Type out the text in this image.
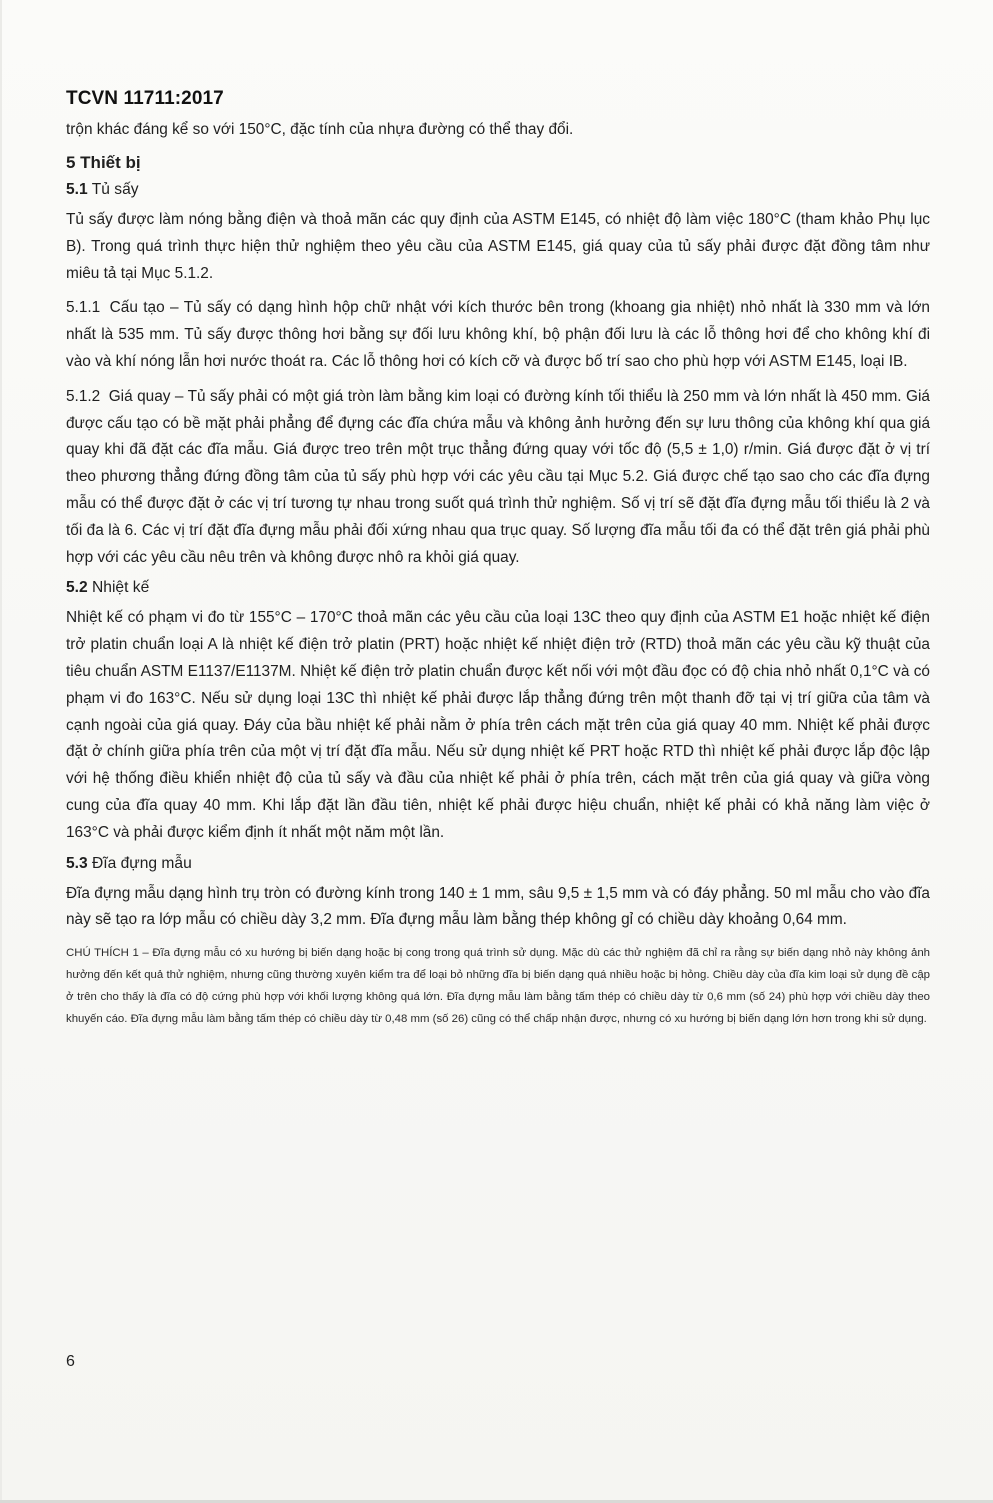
TCVN 11711:2017

trộn khác đáng kể so với 150°C, đặc tính của nhựa đường có thể thay đổi.

5 Thiết bị
5.1 Tủ sấy

Tủ sấy được làm nóng bằng điện và thoả mãn các quy định của ASTM E145, có nhiệt độ làm việc 180°C (tham khảo Phụ lục B). Trong quá trình thực hiện thử nghiệm theo yêu cầu của ASTM E145, giá quay của tủ sấy phải được đặt đồng tâm như miêu tả tại Mục 5.1.2.

5.1.1 Cấu tạo – Tủ sấy có dạng hình hộp chữ nhật với kích thước bên trong (khoang gia nhiệt) nhỏ nhất là 330 mm và lớn nhất là 535 mm. Tủ sấy được thông hơi bằng sự đối lưu không khí, bộ phận đối lưu là các lỗ thông hơi để cho không khí đi vào và khí nóng lẫn hơi nước thoát ra. Các lỗ thông hơi có kích cỡ và được bố trí sao cho phù hợp với ASTM E145, loại IB.

5.1.2 Giá quay – Tủ sấy phải có một giá tròn làm bằng kim loại có đường kính tối thiểu là 250 mm và lớn nhất là 450 mm. Giá được cấu tạo có bề mặt phải phẳng để đựng các đĩa chứa mẫu và không ảnh hưởng đến sự lưu thông của không khí qua giá quay khi đã đặt các đĩa mẫu. Giá được treo trên một trục thẳng đứng quay với tốc độ (5,5 ± 1,0) r/min. Giá được đặt ở vị trí theo phương thẳng đứng đồng tâm của tủ sấy phù hợp với các yêu cầu tại Mục 5.2. Giá được chế tạo sao cho các đĩa đựng mẫu có thể được đặt ở các vị trí tương tự nhau trong suốt quá trình thử nghiệm. Số vị trí sẽ đặt đĩa đựng mẫu tối thiểu là 2 và tối đa là 6. Các vị trí đặt đĩa đựng mẫu phải đối xứng nhau qua trục quay. Số lượng đĩa mẫu tối đa có thể đặt trên giá phải phù hợp với các yêu cầu nêu trên và không được nhô ra khỏi giá quay.

5.2 Nhiệt kế

Nhiệt kế có phạm vi đo từ 155°C – 170°C thoả mãn các yêu cầu của loại 13C theo quy định của ASTM E1 hoặc nhiệt kế điện trở platin chuẩn loại A là nhiệt kế điện trở platin (PRT) hoặc nhiệt kế nhiệt điện trở (RTD) thoả mãn các yêu cầu kỹ thuật của tiêu chuẩn ASTM E1137/E1137M. Nhiệt kế điện trở platin chuẩn được kết nối với một đầu đọc có độ chia nhỏ nhất 0,1°C và có phạm vi đo 163°C. Nếu sử dụng loại 13C thì nhiệt kế phải được lắp thẳng đứng trên một thanh đỡ tại vị trí giữa của tâm và cạnh ngoài của giá quay. Đáy của bầu nhiệt kế phải nằm ở phía trên cách mặt trên của giá quay 40 mm. Nhiệt kế phải được đặt ở chính giữa phía trên của một vị trí đặt đĩa mẫu. Nếu sử dụng nhiệt kế PRT hoặc RTD thì nhiệt kế phải được lắp độc lập với hệ thống điều khiển nhiệt độ của tủ sấy và đầu của nhiệt kế phải ở phía trên, cách mặt trên của giá quay và giữa vòng cung của đĩa quay 40 mm. Khi lắp đặt lần đầu tiên, nhiệt kế phải được hiệu chuẩn, nhiệt kế phải có khả năng làm việc ở 163°C và phải được kiểm định ít nhất một năm một lần.

5.3 Đĩa đựng mẫu

Đĩa đựng mẫu dạng hình trụ tròn có đường kính trong 140 ± 1 mm, sâu 9,5 ± 1,5 mm và có đáy phẳng. 50 ml mẫu cho vào đĩa này sẽ tạo ra lớp mẫu có chiều dày 3,2 mm. Đĩa đựng mẫu làm bằng thép không gỉ có chiều dày khoảng 0,64 mm.

CHÚ THÍCH 1 – Đĩa đựng mẫu có xu hướng bị biến dạng hoặc bị cong trong quá trình sử dụng. Mặc dù các thử nghiệm đã chỉ ra rằng sự biến dạng nhỏ này không ảnh hưởng đến kết quả thử nghiệm, nhưng cũng thường xuyên kiểm tra để loại bỏ những đĩa bị biến dạng quá nhiều hoặc bị hỏng. Chiều dày của đĩa kim loại sử dụng đề cập ở trên cho thấy là đĩa có độ cứng phù hợp với khối lượng không quá lớn. Đĩa đựng mẫu làm bằng tấm thép có chiều dày từ 0,6 mm (số 24) phù hợp với chiều dày theo khuyến cáo. Đĩa đựng mẫu làm bằng tấm thép có chiều dày từ 0,48 mm (số 26) cũng có thể chấp nhận được, nhưng có xu hướng bị biến dạng lớn hơn trong khi sử dụng.

6
